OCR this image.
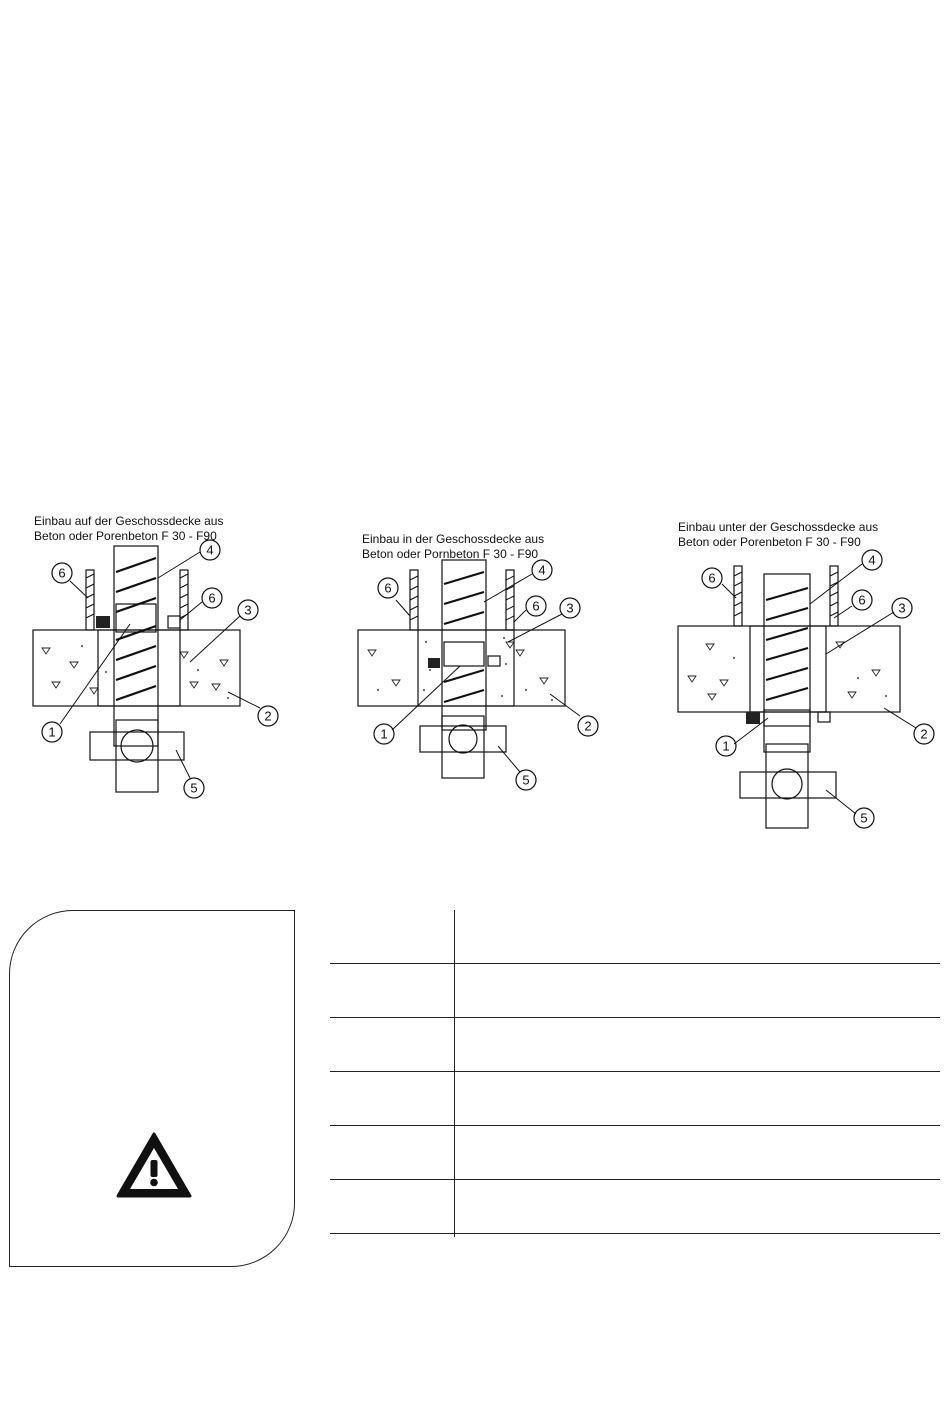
Einbau auf der Geschossdecke aus
Beton oder Porenbeton F 30 - F90
6
6
4
3
2
1
5
Einbau in der Geschossdecke aus
Beton oder Pornbeton F 30 - F90
6
6
4
3
2
1
5
Einbau unter der Geschossdecke aus
Beton oder Porenbeton F 30 - F90
6
6
4
3
2
1
5
